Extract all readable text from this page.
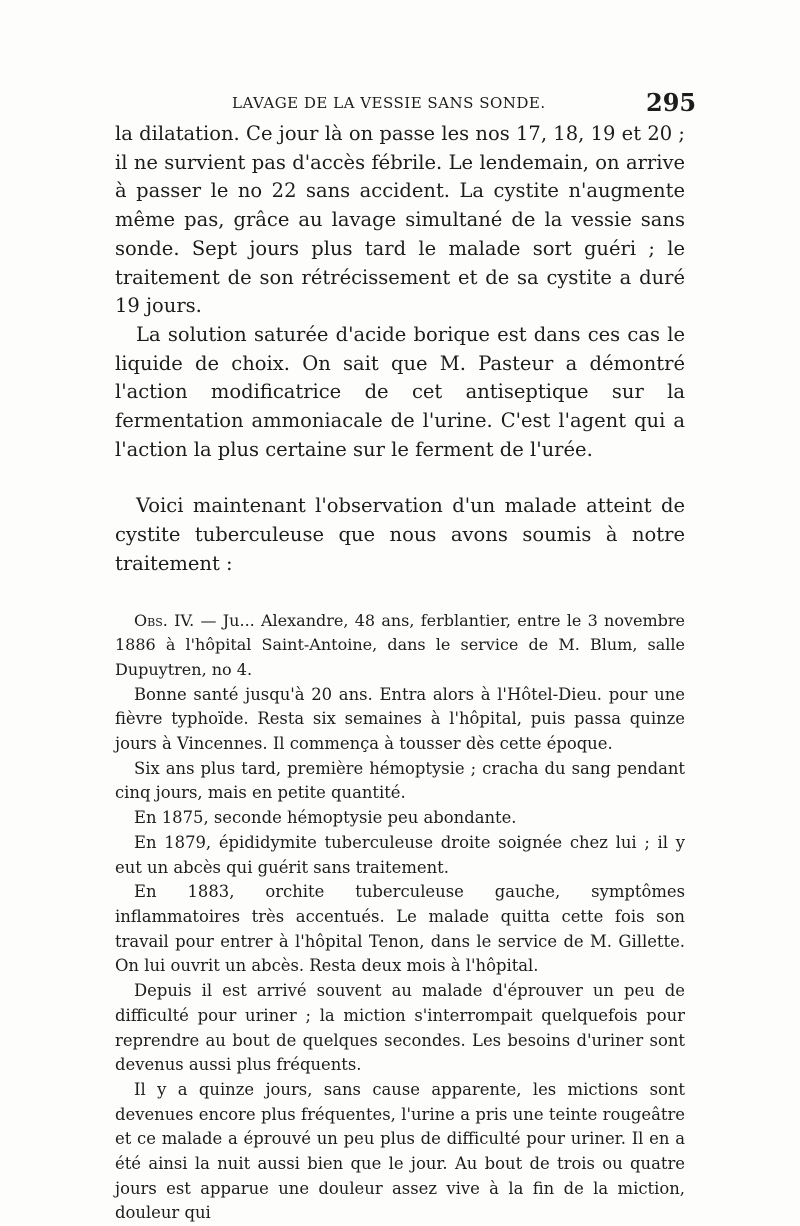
LAVAGE DE LA VESSIE SANS SONDE.	295

la dilatation. Ce jour là on passe les nos 17, 18, 19 et 20 ; il ne survient pas d'accès fébrile. Le lendemain, on arrive à passer le no 22 sans accident. La cystite n'augmente même pas, grâce au lavage simultané de la vessie sans sonde. Sept jours plus tard le malade sort guéri ; le traitement de son rétrécissement et de sa cystite a duré 19 jours.

La solution saturée d'acide borique est dans ces cas le liquide de choix. On sait que M. Pasteur a démontré l'action modificatrice de cet antiseptique sur la fermentation ammoniacale de l'urine. C'est l'agent qui a l'action la plus certaine sur le ferment de l'urée.

Voici maintenant l'observation d'un malade atteint de cystite tuberculeuse que nous avons soumis à notre traitement :

Obs. IV. — Ju... Alexandre, 48 ans, ferblantier, entre le 3 novembre 1886 à l'hôpital Saint-Antoine, dans le service de M. Blum, salle Dupuytren, no 4.

Bonne santé jusqu'à 20 ans. Entra alors à l'Hôtel-Dieu. pour une fièvre typhoïde. Resta six semaines à l'hôpital, puis passa quinze jours à Vincennes. Il commença à tousser dès cette époque.

Six ans plus tard, première hémoptysie ; cracha du sang pendant cinq jours, mais en petite quantité.

En 1875, seconde hémoptysie peu abondante.

En 1879, épididymite tuberculeuse droite soignée chez lui ; il y eut un abcès qui guérit sans traitement.

En 1883, orchite tuberculeuse gauche, symptômes inflammatoires très accentués. Le malade quitta cette fois son travail pour entrer à l'hôpital Tenon, dans le service de M. Gillette. On lui ouvrit un abcès. Resta deux mois à l'hôpital.

Depuis il est arrivé souvent au malade d'éprouver un peu de difficulté pour uriner ; la miction s'interrompait quelquefois pour reprendre au bout de quelques secondes. Les besoins d'uriner sont devenus aussi plus fréquents.

Il y a quinze jours, sans cause apparente, les mictions sont devenues encore plus fréquentes, l'urine a pris une teinte rougeâtre et ce malade a éprouvé un peu plus de difficulté pour uriner. Il en a été ainsi la nuit aussi bien que le jour. Au bout de trois ou quatre jours est apparue une douleur assez vive à la fin de la miction, douleur qui
